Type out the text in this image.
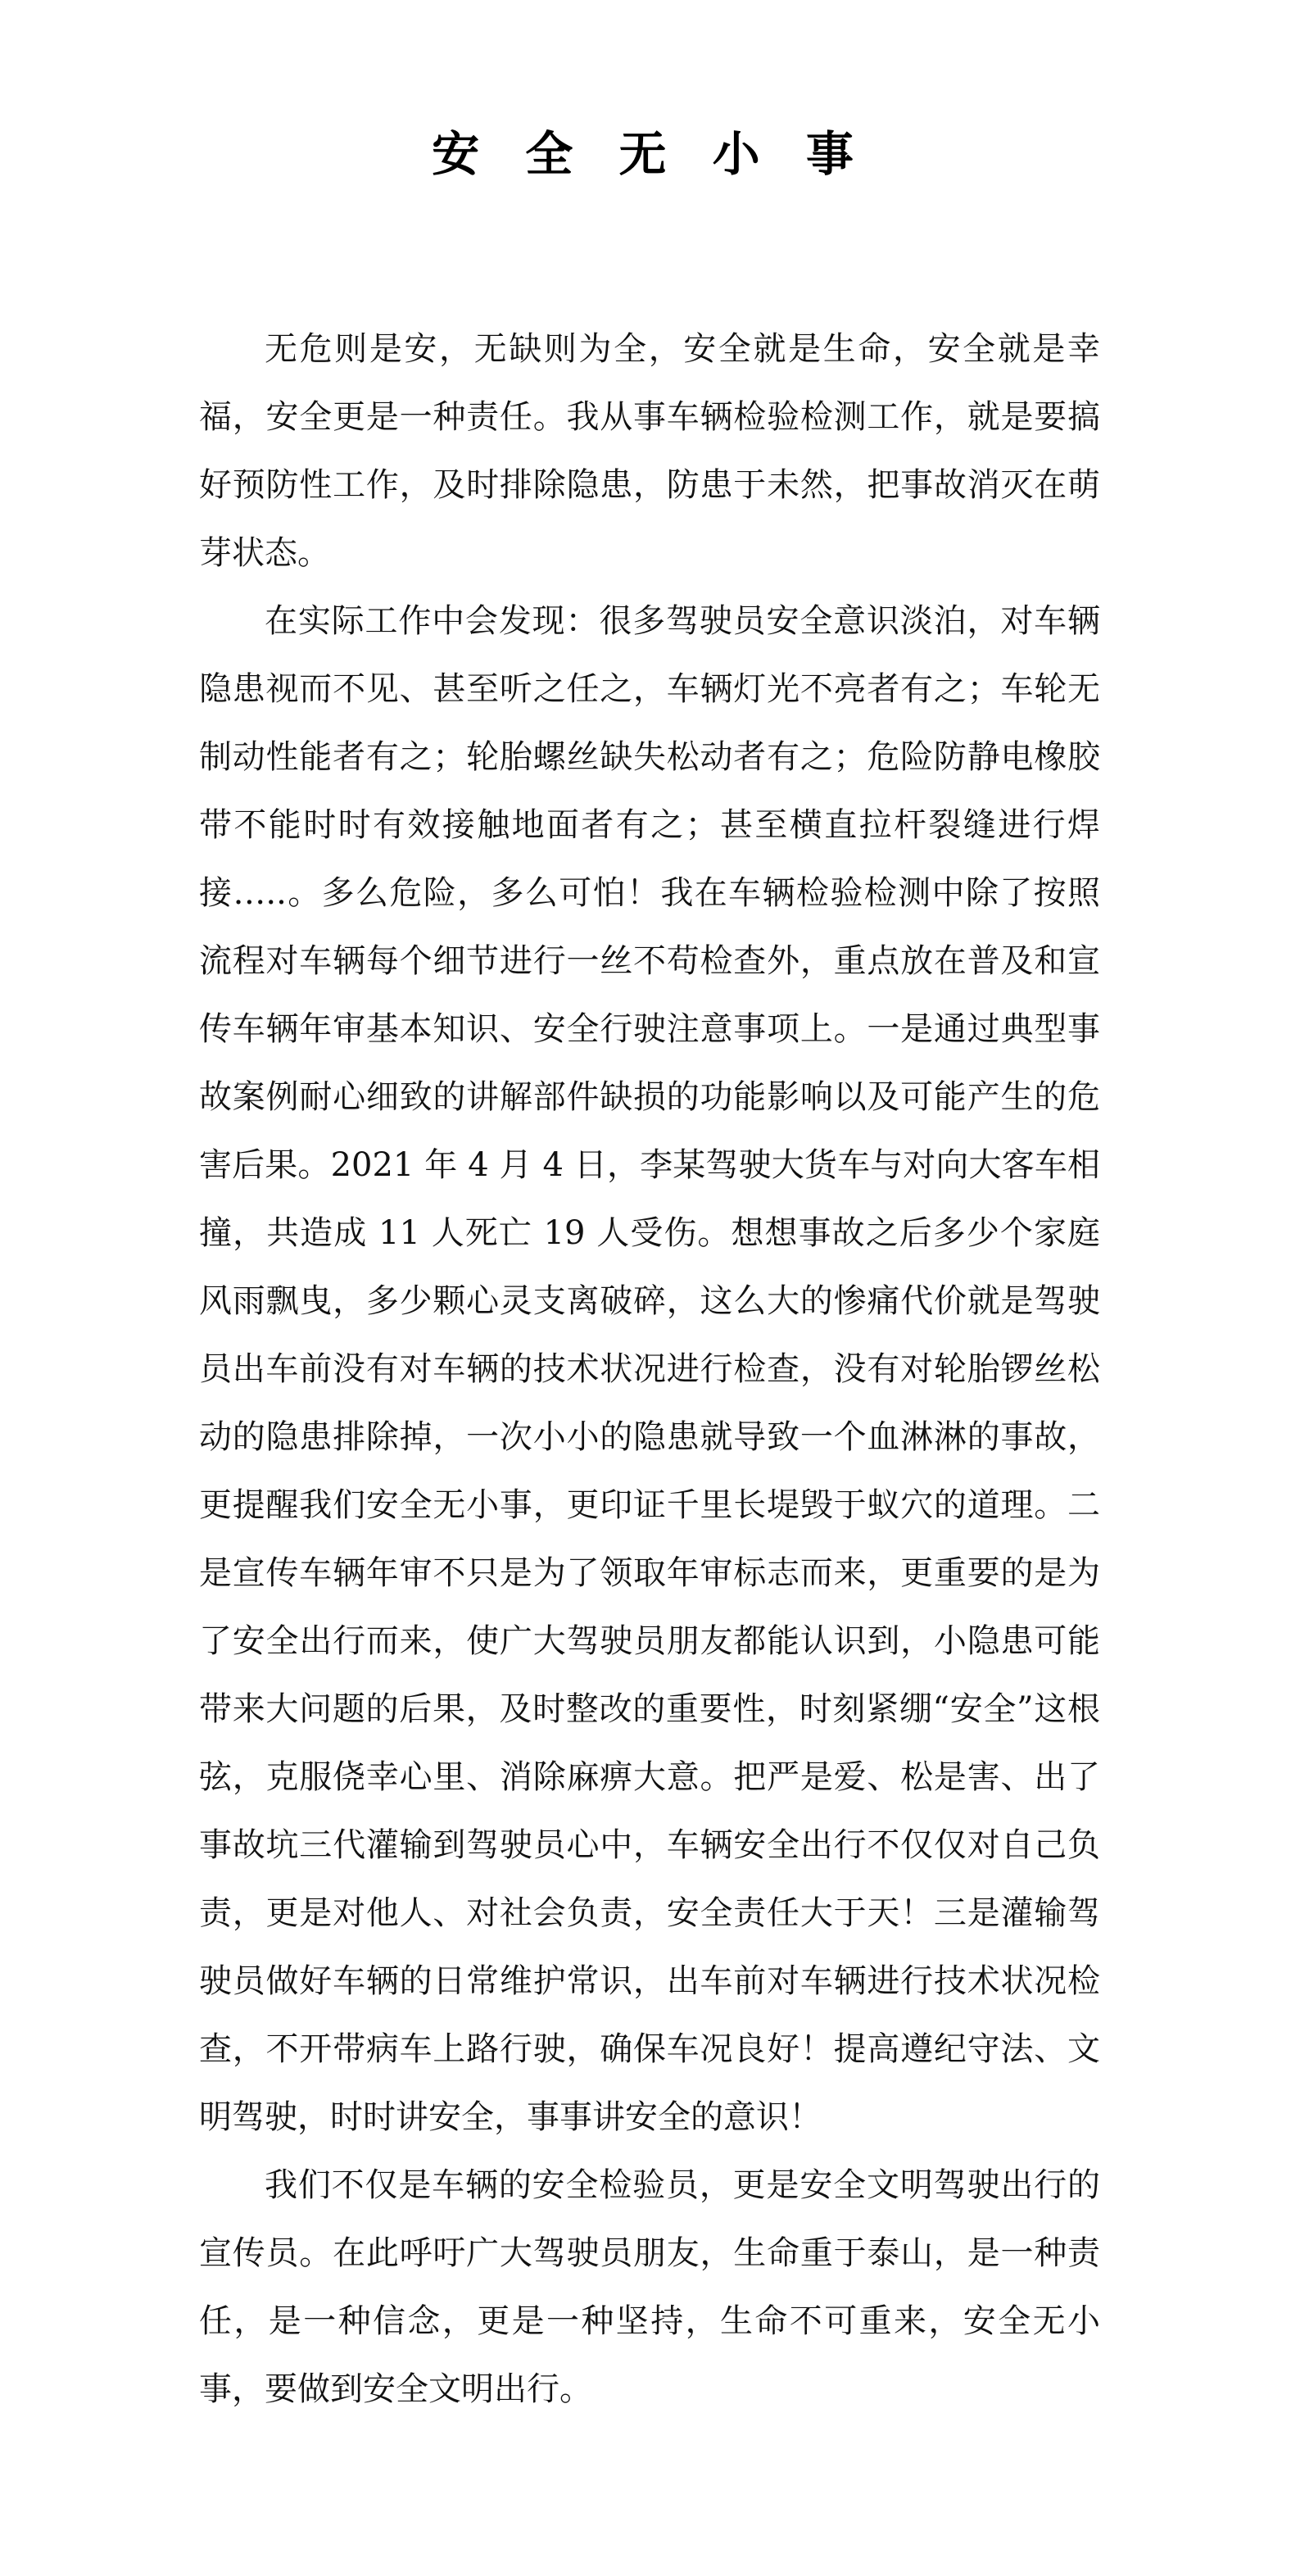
安 全 无 小 事

无危则是安，无缺则为全，安全就是生命，安全就是幸福，安全更是一种责任。我从事车辆检验检测工作，就是要搞好预防性工作，及时排除隐患，防患于未然，把事故消灭在萌芽状态。

在实际工作中会发现：很多驾驶员安全意识淡泊，对车辆隐患视而不见、甚至听之任之，车辆灯光不亮者有之；车轮无制动性能者有之；轮胎螺丝缺失松动者有之；危险防静电橡胶带不能时时有效接触地面者有之；甚至横直拉杆裂缝进行焊接…..。多么危险，多么可怕！我在车辆检验检测中除了按照流程对车辆每个细节进行一丝不苟检查外，重点放在普及和宣传车辆年审基本知识、安全行驶注意事项上。一是通过典型事故案例耐心细致的讲解部件缺损的功能影响以及可能产生的危害后果。2021 年 4 月 4 日，李某驾驶大货车与对向大客车相撞，共造成 11 人死亡 19 人受伤。想想事故之后多少个家庭风雨飘曳，多少颗心灵支离破碎，这么大的惨痛代价就是驾驶员出车前没有对车辆的技术状况进行检查，没有对轮胎锣丝松动的隐患排除掉，一次小小的隐患就导致一个血淋淋的事故，更提醒我们安全无小事，更印证千里长堤毁于蚁穴的道理。二是宣传车辆年审不只是为了领取年审标志而来，更重要的是为了安全出行而来，使广大驾驶员朋友都能认识到，小隐患可能带来大问题的后果，及时整改的重要性，时刻紧绷“安全”这根弦，克服侥幸心里、消除麻痹大意。把严是爱、松是害、出了事故坑三代灌输到驾驶员心中，车辆安全出行不仅仅对自己负责，更是对他人、对社会负责，安全责任大于天！三是灌输驾驶员做好车辆的日常维护常识，出车前对车辆进行技术状况检查，不开带病车上路行驶，确保车况良好！提高遵纪守法、文明驾驶，时时讲安全，事事讲安全的意识！

我们不仅是车辆的安全检验员，更是安全文明驾驶出行的宣传员。在此呼吁广大驾驶员朋友，生命重于泰山，是一种责任，是一种信念，更是一种坚持，生命不可重来，安全无小事，要做到安全文明出行。
